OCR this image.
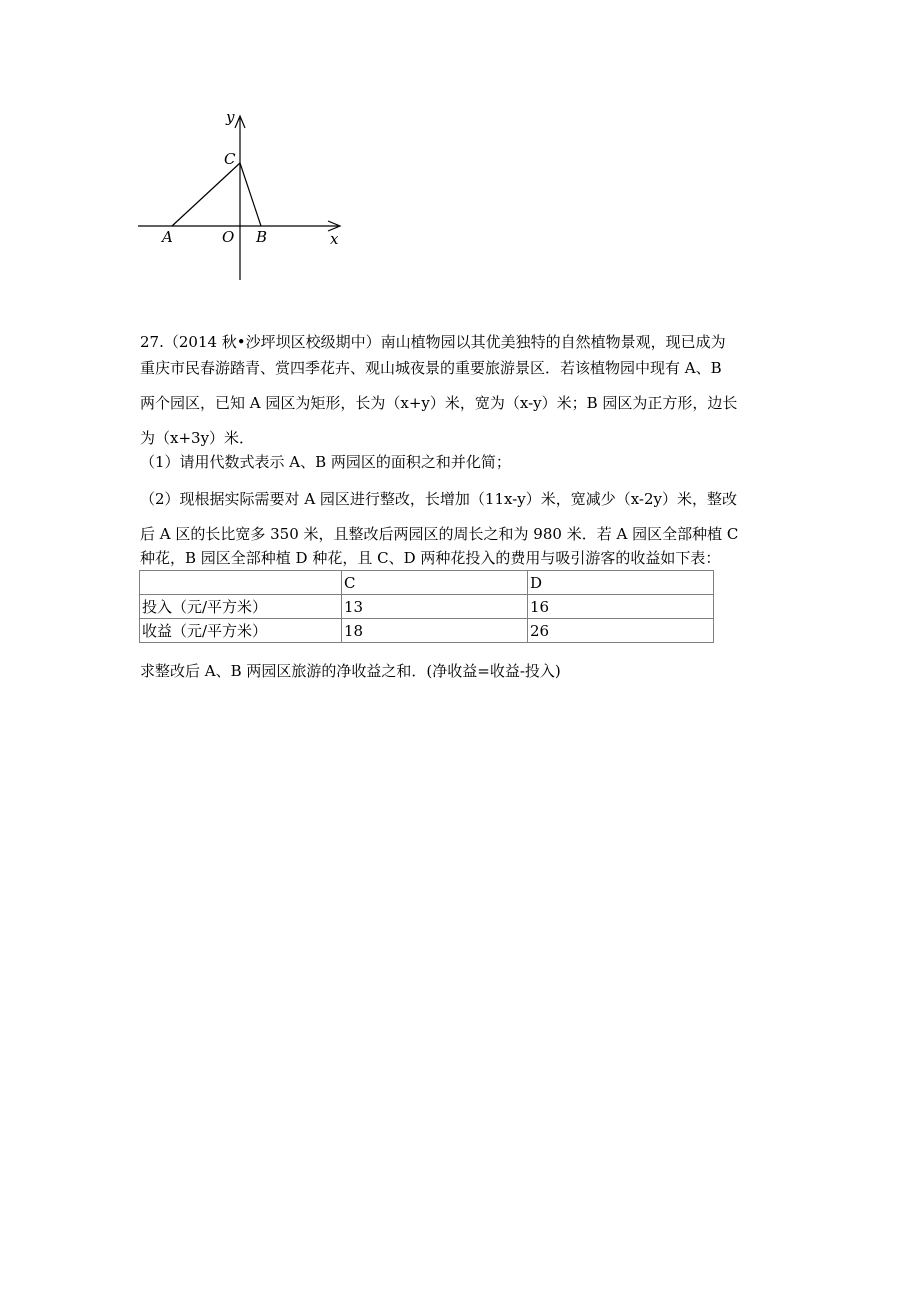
y
x
C
A	O B
27.（2014 秋•沙坪坝区校级期中）南山植物园以其优美独特的自然植物景观，现已成为
重庆市民春游踏青、赏四季花卉、观山城夜景的重要旅游景区．若该植物园中现有 A、B
两个园区，已知 A 园区为矩形，长为（x+y）米，宽为（x-y）米；B 园区为正方形，边长
为（x+3y）米．
（1）请用代数式表示 A、B 两园区的面积之和并化简；
（2）现根据实际需要对 A 园区进行整改，长增加（11x-y）米，宽减少（x-2y）米，整改
后 A 区的长比宽多 350 米，且整改后两园区的周长之和为 980 米．若 A 园区全部种植 C
种花，B 园区全部种植 D 种花，且 C、D 两种花投入的费用与吸引游客的收益如下表：
	C	D
投入（元/平方米）	13	16
收益（元/平方米）	18	26
求整改后 A、B 两园区旅游的净收益之和．(净收益=收益-投入)
